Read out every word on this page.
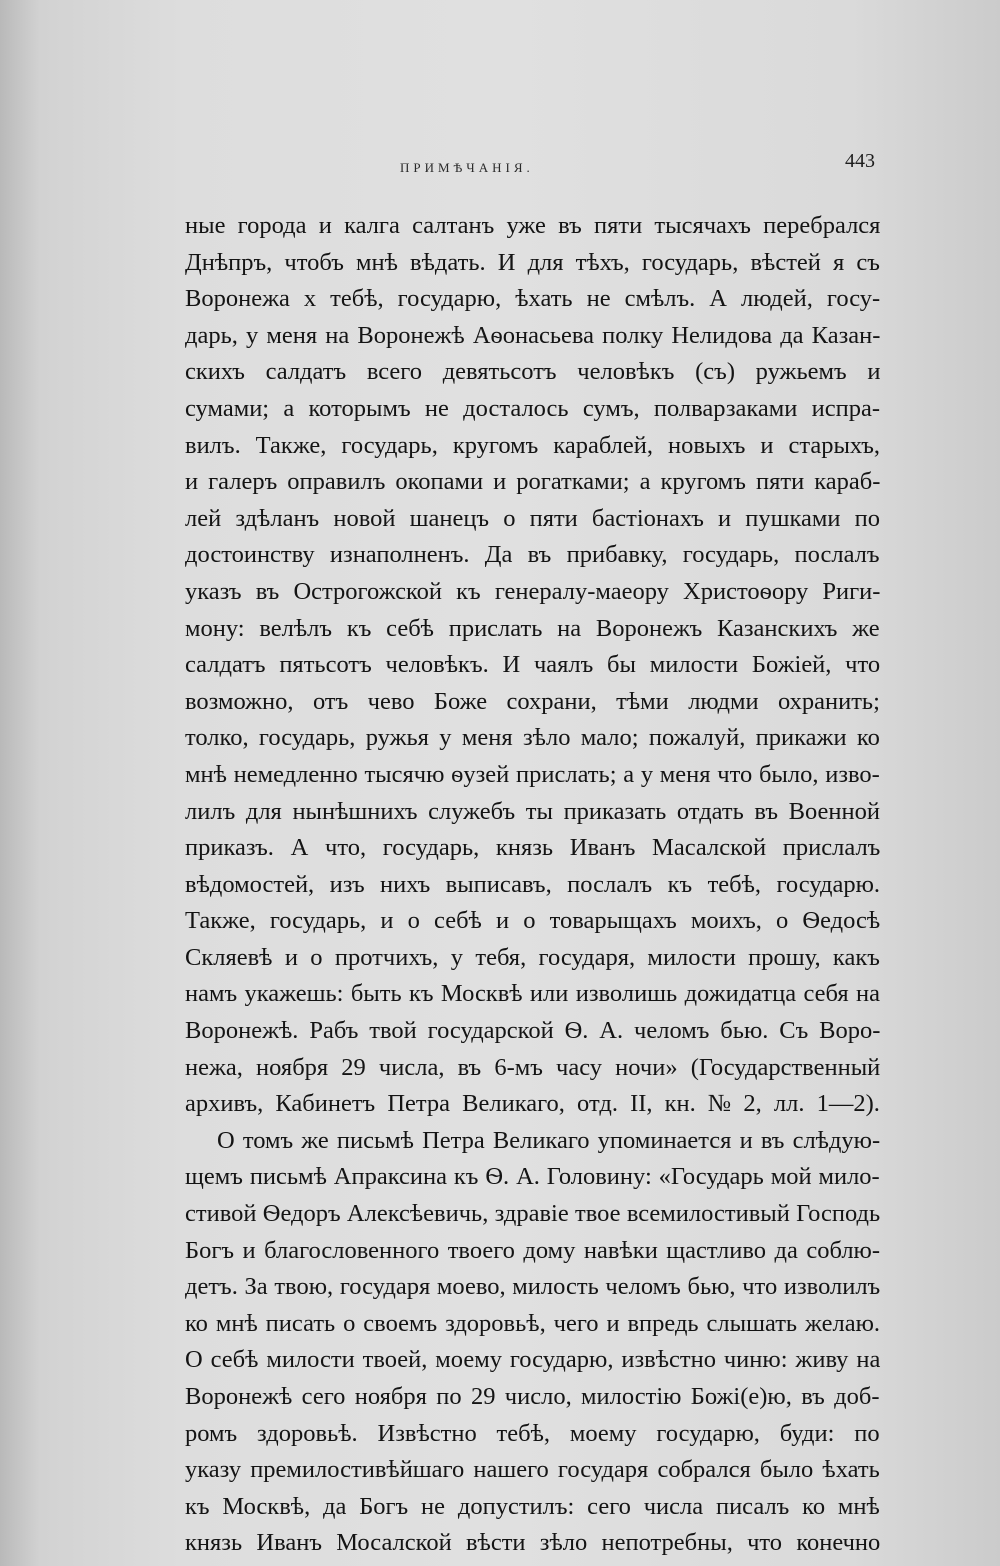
ПРИМѢЧАНІЯ.	443
ные города и калга салтанъ уже въ пяти тысячахъ перебрался
Днѣпръ, чтобъ мнѣ вѣдать. И для тѣхъ, государь, вѣстей я съ
Воронежа х тебѣ, государю, ѣхать не смѣлъ. А людей, госу-
дарь, у меня на Воронежѣ Аѳонасьева полку Нелидова да Казан-
скихъ салдатъ всего девятьсотъ человѣкъ (съ) ружьемъ и
сумами; а которымъ не досталось сумъ, полварзаками испра-
вилъ. Также, государь, кругомъ караблей, новыхъ и старыхъ,
и галеръ оправилъ окопами и рогатками; а кругомъ пяти караб-
лей здѣланъ новой шанецъ о пяти бастіонахъ и пушками по
достоинству изнаполненъ. Да въ прибавку, государь, послалъ
указъ въ Острогожской къ генералу-маеору Христоѳору Риги-
мону: велѣлъ къ себѣ прислать на Воронежъ Казанскихъ же
салдатъ пятьсотъ человѣкъ. И чаялъ бы милости Божіей, что
возможно, отъ чево Боже сохрани, тѣми людми охранить;
толко, государь, ружья у меня зѣло мало; пожалуй, прикажи ко
мнѣ немедленно тысячю ѳузей прислать; а у меня что было, изво-
лилъ для нынѣшнихъ служебъ ты приказать отдать въ Военной
приказъ. А что, государь, князь Иванъ Масалской прислалъ
вѣдомостей, изъ нихъ выписавъ, послалъ къ тебѣ, государю.
Также, государь, и о себѣ и о товарыщахъ моихъ, о Ѳедосѣ
Скляевѣ и о протчихъ, у тебя, государя, милости прошу, какъ
намъ укажешь: быть къ Москвѣ или изволишь дожидатца себя на
Воронежѣ. Рабъ твой государской Ѳ. А. челомъ бью. Съ Воро-
нежа, ноября 29 числа, въ 6-мъ часу ночи» (Государственный
архивъ, Кабинетъ Петра Великаго, отд. II, кн. № 2, лл. 1—2).
О томъ же письмѣ Петра Великаго упоминается и въ слѣдую-
щемъ письмѣ Апраксина къ Ѳ. А. Головину: «Государь мой мило-
стивой Ѳедоръ Алексѣевичь, здравіе твое всемилостивый Господь
Богъ и благословенного твоего дому навѣки щастливо да соблю-
детъ. За твою, государя моево, милость челомъ бью, что изволилъ
ко мнѣ писать о своемъ здоровьѣ, чего и впредь слышать желаю.
О себѣ милости твоей, моему государю, извѣстно чиню: живу на
Воронежѣ сего ноября по 29 число, милостію Божі(е)ю, въ доб-
ромъ здоровьѣ. Извѣстно тебѣ, моему государю, буди: по
указу премилостивѣйшаго нашего государя собрался было ѣхать
къ Москвѣ, да Богъ не допустилъ: сего числа писалъ ко мнѣ
князь Иванъ Мосалской вѣсти зѣло непотребны, что конечно
